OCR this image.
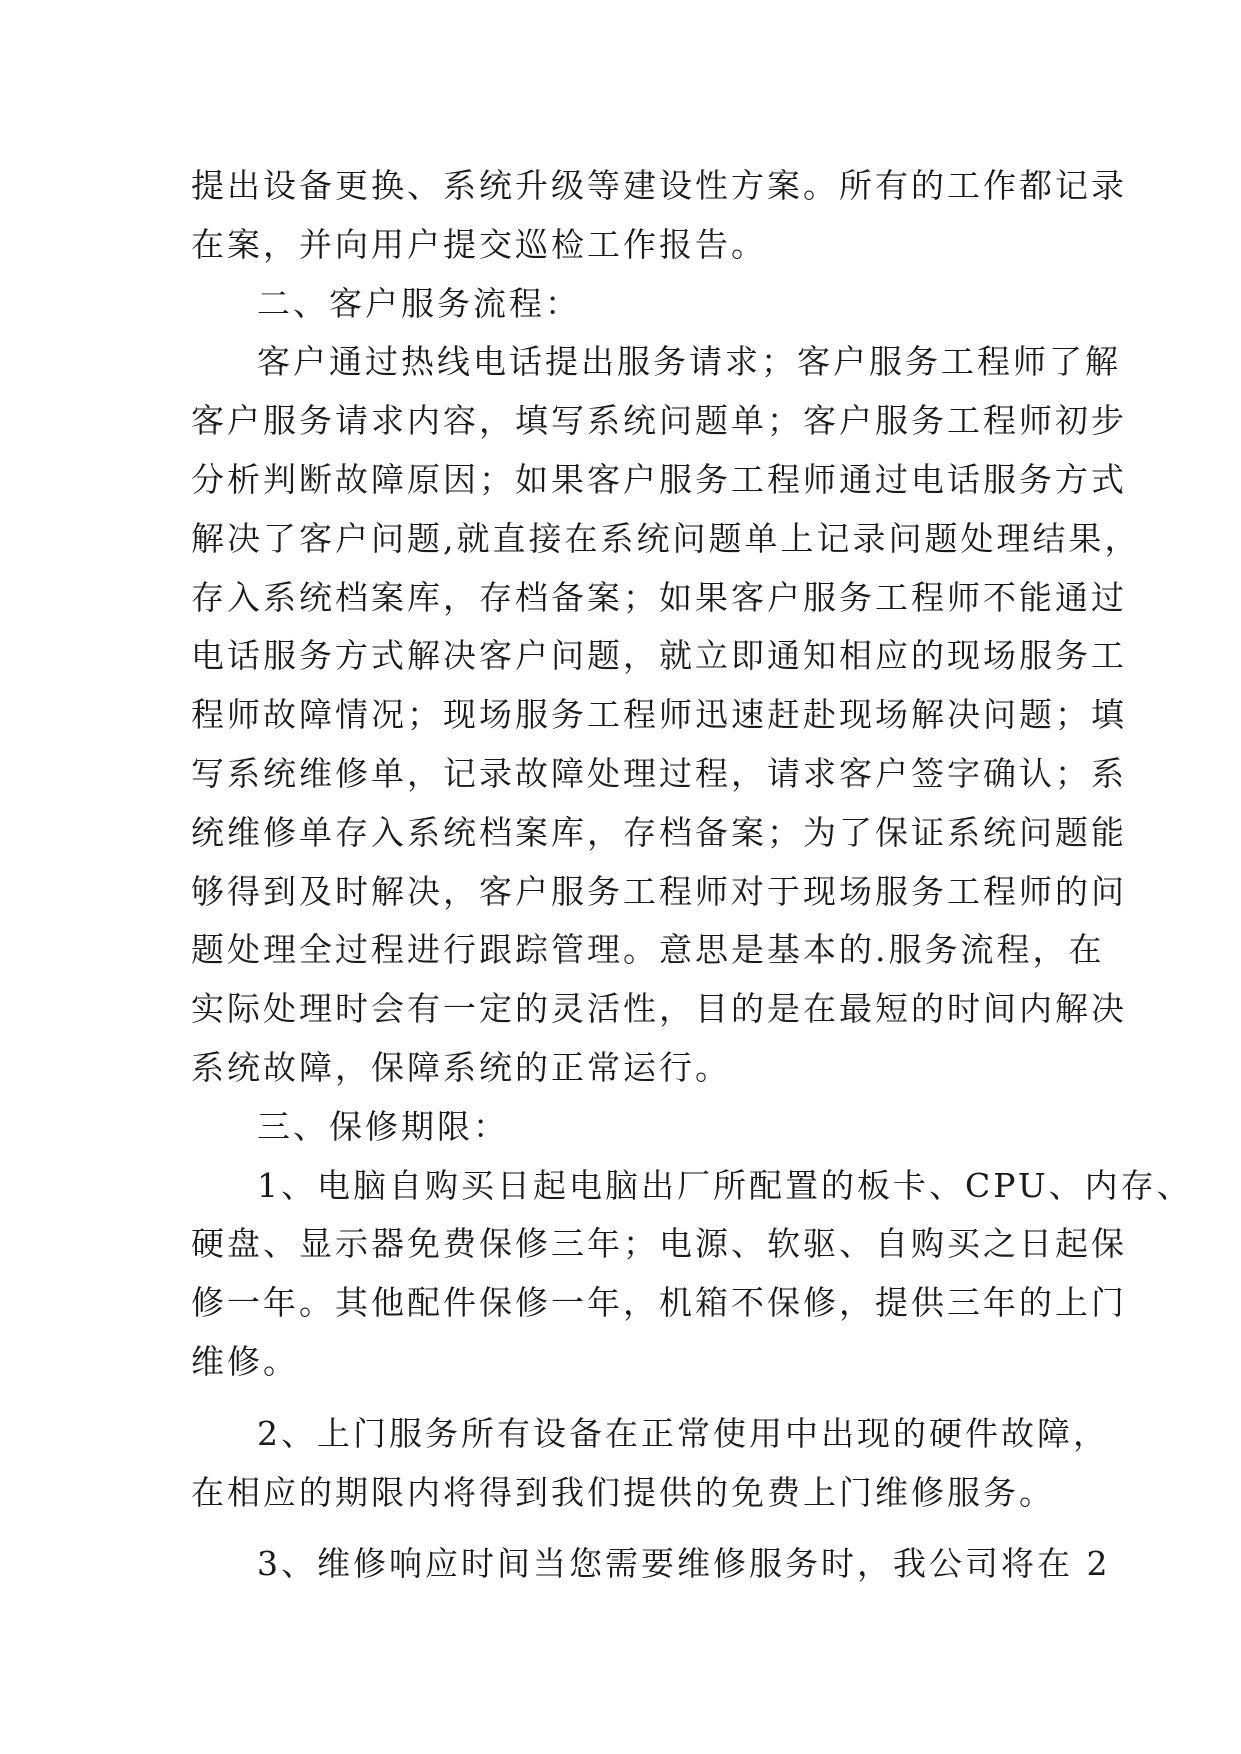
提出设备更换、系统升级等建设性方案。所有的工作都记录
在案，并向用户提交巡检工作报告。
二、客户服务流程：
客户通过热线电话提出服务请求；客户服务工程师了解
客户服务请求内容，填写系统问题单；客户服务工程师初步
分析判断故障原因；如果客户服务工程师通过电话服务方式
解决了客户问题,就直接在系统问题单上记录问题处理结果，
存入系统档案库，存档备案；如果客户服务工程师不能通过
电话服务方式解决客户问题，就立即通知相应的现场服务工
程师故障情况；现场服务工程师迅速赶赴现场解决问题；填
写系统维修单，记录故障处理过程，请求客户签字确认；系
统维修单存入系统档案库，存档备案；为了保证系统问题能
够得到及时解决，客户服务工程师对于现场服务工程师的问
题处理全过程进行跟踪管理。意思是基本的.服务流程，在
实际处理时会有一定的灵活性，目的是在最短的时间内解决
系统故障，保障系统的正常运行。
三、保修期限：
1、电脑自购买日起电脑出厂所配置的板卡、CPU、内存、
硬盘、显示器免费保修三年；电源、软驱、自购买之日起保
修一年。其他配件保修一年，机箱不保修，提供三年的上门
维修。
2、上门服务所有设备在正常使用中出现的硬件故障，
在相应的期限内将得到我们提供的免费上门维修服务。
3、维修响应时间当您需要维修服务时，我公司将在 2
